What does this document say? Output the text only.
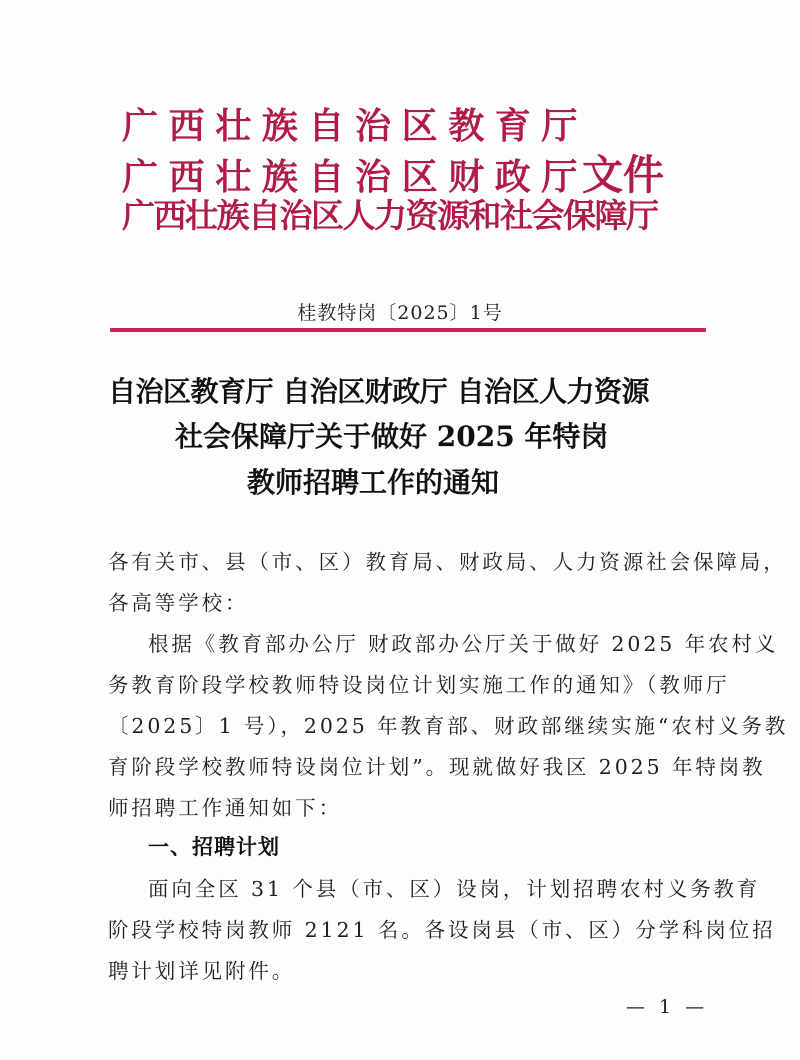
广西壮族自治区教育厅
广西壮族自治区财政厅文件
广西壮族自治区人力资源和社会保障厅
桂教特岗〔2025〕1号
自治区教育厅 自治区财政厅 自治区人力资源
社会保障厅关于做好 2025 年特岗
教师招聘工作的通知
各有关市、县（市、区）教育局、财政局、人力资源社会保障局，
各高等学校：
根据《教育部办公厅 财政部办公厅关于做好 2025 年农村义
务教育阶段学校教师特设岗位计划实施工作的通知》（教师厅
〔2025〕1 号），2025 年教育部、财政部继续实施“农村义务教
育阶段学校教师特设岗位计划”。现就做好我区 2025 年特岗教
师招聘工作通知如下：
一、招聘计划
面向全区 31 个县（市、区）设岗，计划招聘农村义务教育
阶段学校特岗教师 2121 名。各设岗县（市、区）分学科岗位招
聘计划详见附件。
— 1 —
